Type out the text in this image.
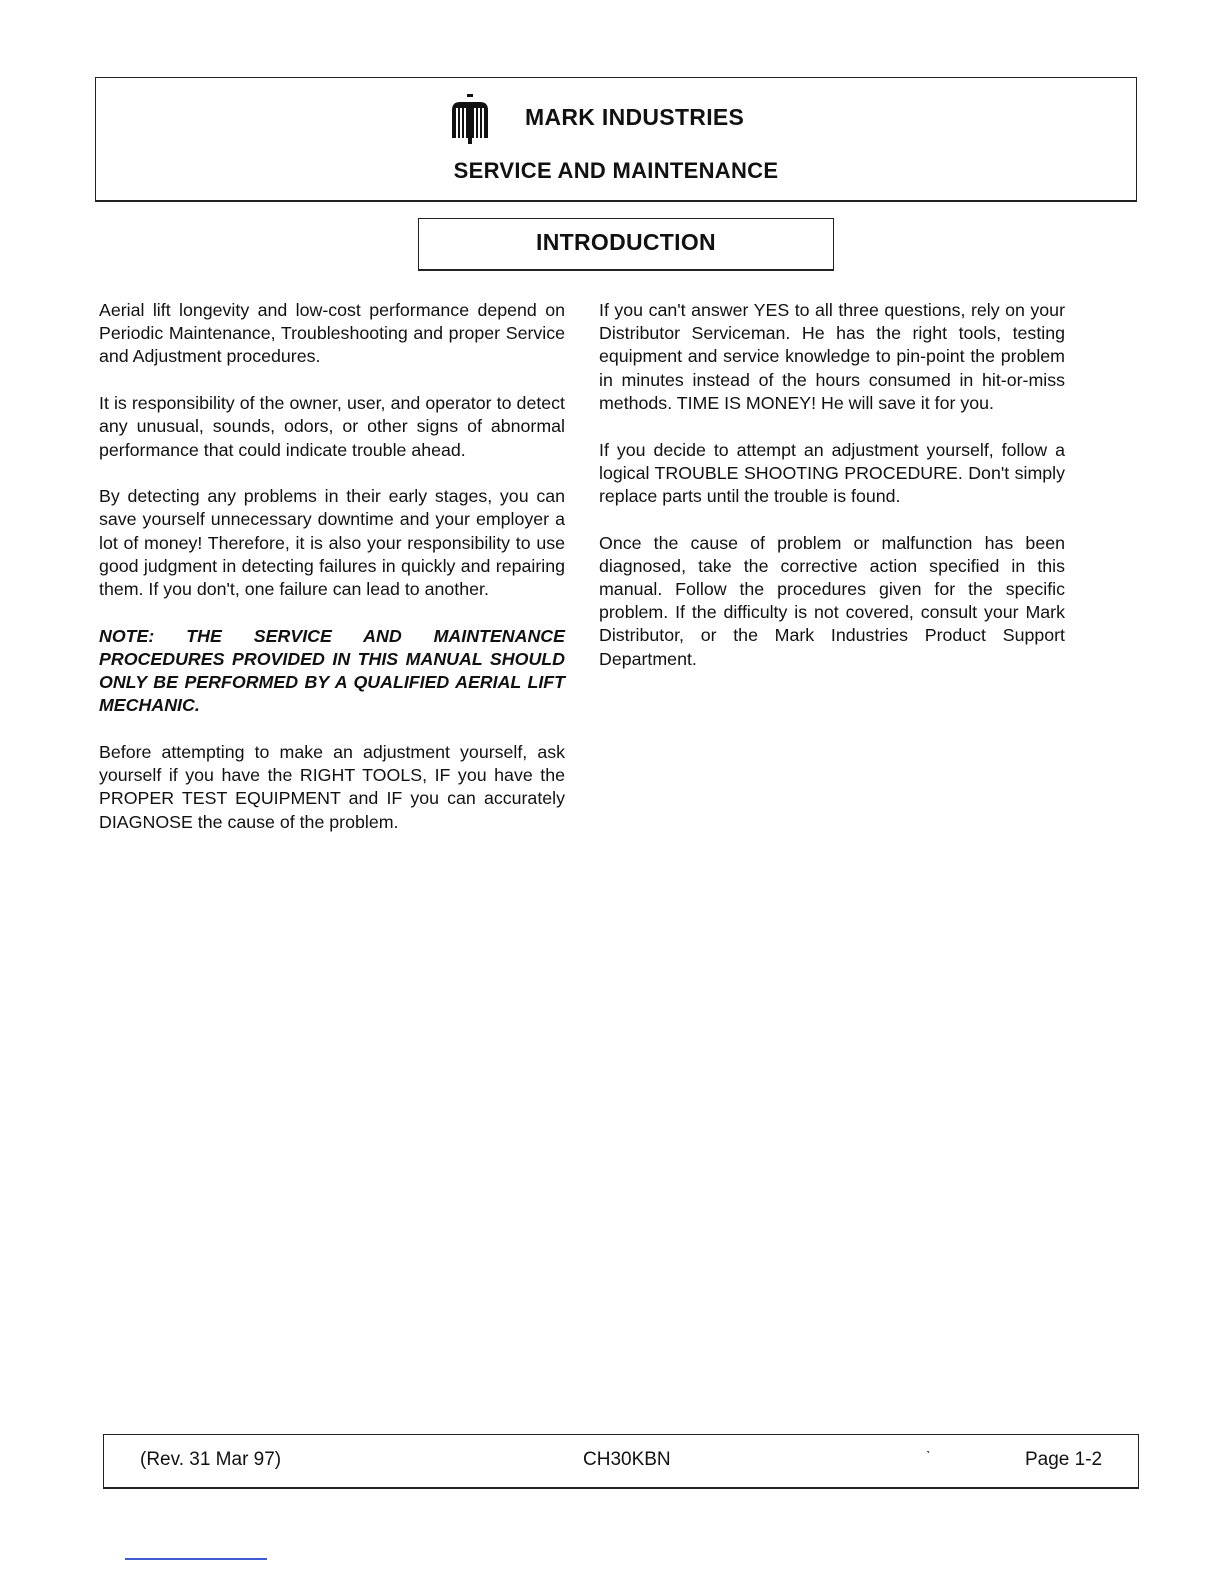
MARK INDUSTRIES
SERVICE AND MAINTENANCE
INTRODUCTION

Aerial lift longevity and low-cost performance depend on Periodic Maintenance, Troubleshooting and proper Service and Adjustment procedures.

It is responsibility of the owner, user, and operator to detect any unusual, sounds, odors, or other signs of abnormal performance that could indicate trouble ahead.

By detecting any problems in their early stages, you can save yourself unnecessary downtime and your employer a lot of money! Therefore, it is also your responsibility to use good judgment in detecting failures in quickly and repairing them. If you don't, one failure can lead to another.

NOTE: THE SERVICE AND MAINTENANCE PROCEDURES PROVIDED IN THIS MANUAL SHOULD ONLY BE PERFORMED BY A QUALIFIED AERIAL LIFT MECHANIC.

Before attempting to make an adjustment yourself, ask yourself if you have the RIGHT TOOLS, IF you have the PROPER TEST EQUIPMENT and IF you can accurately DIAGNOSE the cause of the problem.

If you can't answer YES to all three questions, rely on your Distributor Serviceman. He has the right tools, testing equipment and service knowledge to pin-point the problem in minutes instead of the hours consumed in hit-or-miss methods. TIME IS MONEY! He will save it for you.

If you decide to attempt an adjustment yourself, follow a logical TROUBLE SHOOTING PROCEDURE. Don't simply replace parts until the trouble is found.

Once the cause of problem or malfunction has been diagnosed, take the corrective action specified in this manual. Follow the procedures given for the specific problem. If the difficulty is not covered, consult your Mark Distributor, or the Mark Industries Product Support Department.

(Rev. 31 Mar 97)	CH30KBN	ˋ	Page 1-2
